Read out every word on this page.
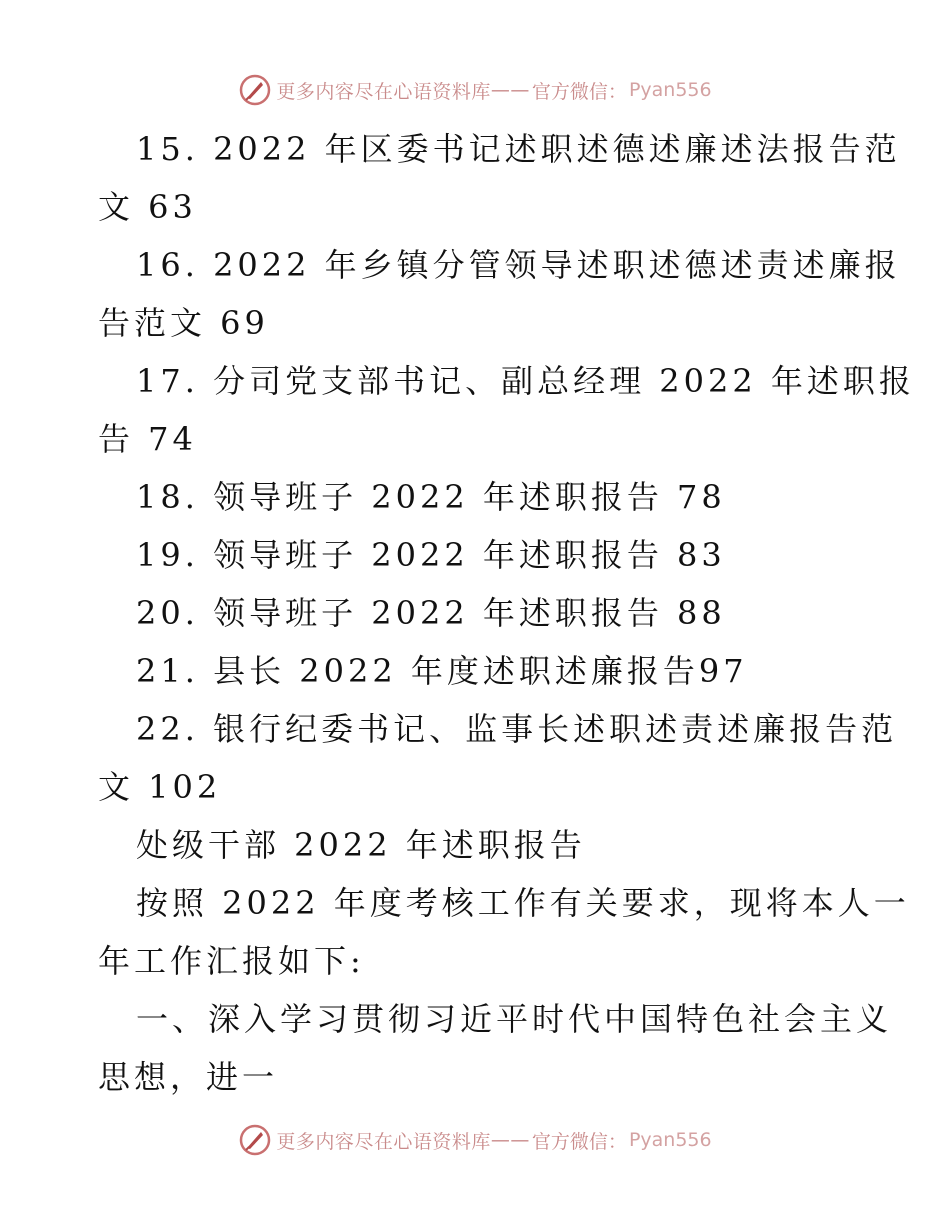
更多内容尽在心语资料库 —— 官方微信： Pyan556
15. 2022 年区委书记述职述德述廉述法报告范
文 63
16. 2022 年乡镇分管领导述职述德述责述廉报
告范文 69
17. 分司党支部书记、副总经理 2022 年述职报
告 74
18. 领导班子 2022 年述职报告 78
19. 领导班子 2022 年述职报告 83
20. 领导班子 2022 年述职报告 88
21. 县长 2022 年度述职述廉报告97
22. 银行纪委书记、监事长述职述责述廉报告范
文 102
处级干部 2022 年述职报告
按照 2022 年度考核工作有关要求，现将本人一
年工作汇报如下:
一、深入学习贯彻习近平时代中国特色社会主义
思想，进一
更多内容尽在心语资料库 —— 官方微信： Pyan556
